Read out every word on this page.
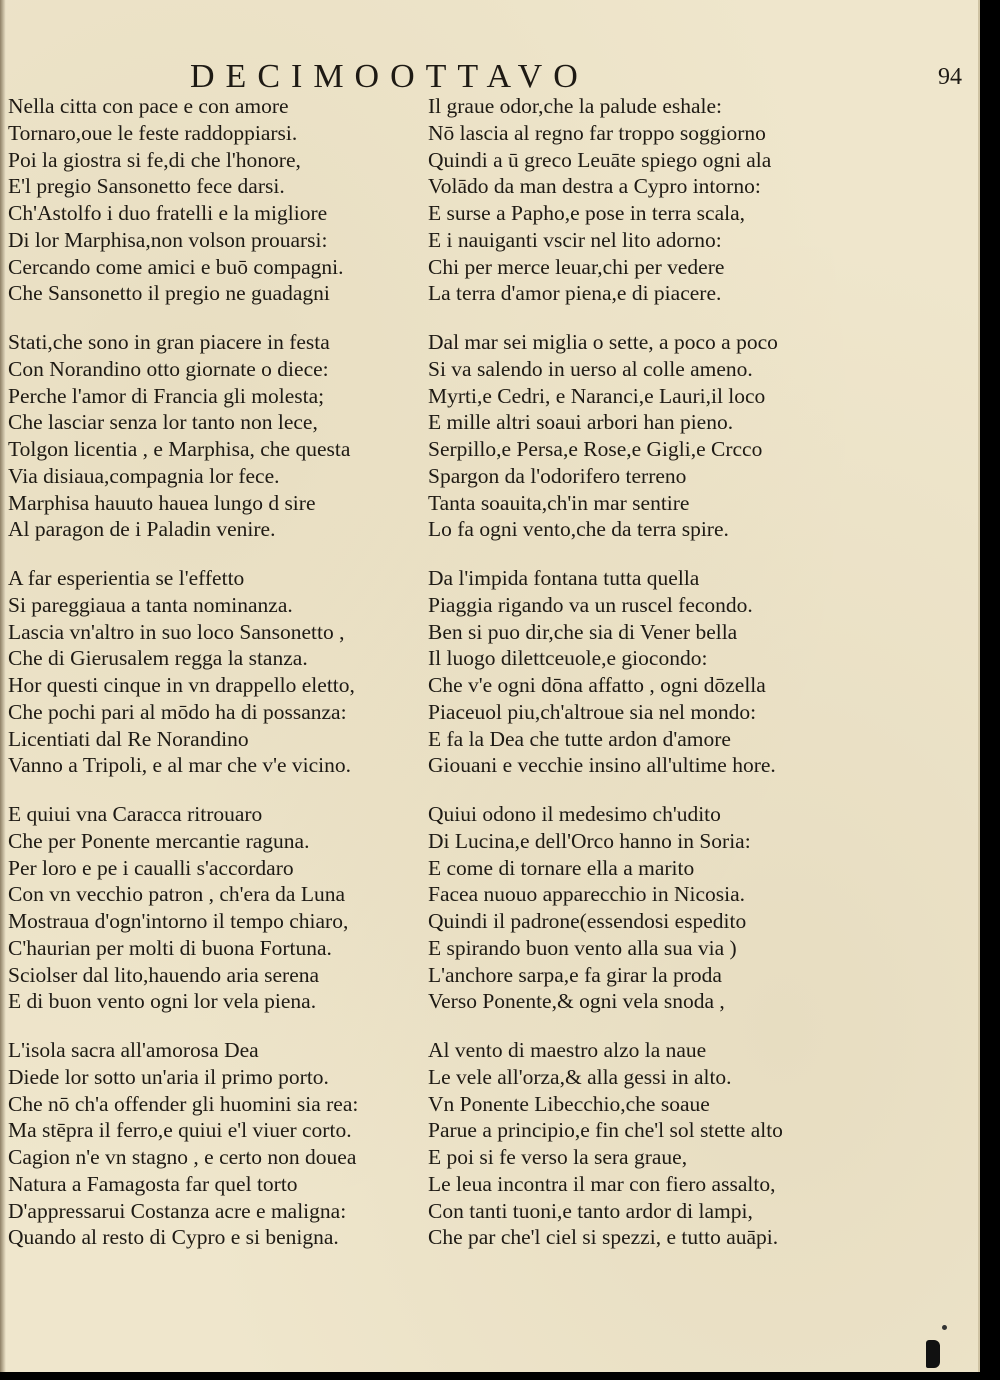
DECIMOOTTAVO	94
Nella citta con pace e con amore
Tornaro,oue le feste raddoppiarsi.
Poi la giostra si fe,di che l'honore,
E'l pregio Sansonetto fece darsi.
Ch'Astolfo i duo fratelli e la migliore
Di lor Marphisa,non volson prouarsi:
Cercando come amici e buō compagni.
Che Sansonetto il pregio ne guadagni
Stati,che sono in gran piacere in festa
Con Norandino otto giornate o diece:
Perche l'amor di Francia gli molesta;
Che lasciar senza lor tanto non lece,
Tolgon licentia , e Marphisa, che questa
Via disiaua,compagnia lor fece.
Marphisa hauuto hauea lungo d sire
Al paragon de i Paladin venire.
A far esperientia se l'effetto
Si pareggiaua a tanta nominanza.
Lascia vn'altro in suo loco Sansonetto ,
Che di Gierusalem regga la stanza.
Hor questi cinque in vn drappello eletto,
Che pochi pari al mōdo ha di possanza:
Licentiati dal Re Norandino
Vanno a Tripoli, e al mar che v'e vicino.
E quiui vna Caracca ritrouaro
Che per Ponente mercantie raguna.
Per loro e pe i caualli s'accordaro
Con vn vecchio patron , ch'era da Luna
Mostraua d'ogn'intorno il tempo chiaro,
C'haurian per molti di buona Fortuna.
Sciolser dal lito,hauendo aria serena
E di buon vento ogni lor vela piena.
L'isola sacra all'amorosa Dea
Diede lor sotto un'aria il primo porto.
Che nō ch'a offender gli huomini sia rea:
Ma stēpra il ferro,e quiui e'l viuer corto.
Cagion n'e vn stagno , e certo non douea
Natura a Famagosta far quel torto
D'appressarui Costanza acre e maligna:
Quando al resto di Cypro e si benigna.
Il graue odor,che la palude eshale:
Nō lascia al regno far troppo soggiorno
Quindi a ū greco Leuāte spiego ogni ala
Volādo da man destra a Cypro intorno:
E surse a Papho,e pose in terra scala,
E i nauiganti vscir nel lito adorno:
Chi per merce leuar,chi per vedere
La terra d'amor piena,e di piacere.
Dal mar sei miglia o sette, a poco a poco
Si va salendo in uerso al colle ameno.
Myrti,e Cedri, e Naranci,e Lauri,il loco
E mille altri soaui arbori han pieno.
Serpillo,e Persa,e Rose,e Gigli,e Crcco
Spargon da l'odorifero terreno
Tanta soauita,ch'in mar sentire
Lo fa ogni vento,che da terra spire.
Da l'impida fontana tutta quella
Piaggia rigando va un ruscel fecondo.
Ben si puo dir,che sia di Vener bella
Il luogo dilettceuole,e giocondo:
Che v'e ogni dōna affatto , ogni dōzella
Piaceuol piu,ch'altroue sia nel mondo:
E fa la Dea che tutte ardon d'amore
Giouani e vecchie insino all'ultime hore.
Quiui odono il medesimo ch'udito
Di Lucina,e dell'Orco hanno in Soria:
E come di tornare ella a marito
Facea nuouo apparecchio in Nicosia.
Quindi il padrone(essendosi espedito
E spirando buon vento alla sua via )
L'anchore sarpa,e fa girar la proda
Verso Ponente,& ogni vela snoda ,
Al vento di maestro alzo la naue
Le vele all'orza,& alla gessi in alto.
Vn Ponente Libecchio,che soaue
Parue a principio,e fin che'l sol stette alto
E poi si fe verso la sera graue,
Le leua incontra il mar con fiero assalto,
Con tanti tuoni,e tanto ardor di lampi,
Che par che'l ciel si spezzi, e tutto auāpi.
